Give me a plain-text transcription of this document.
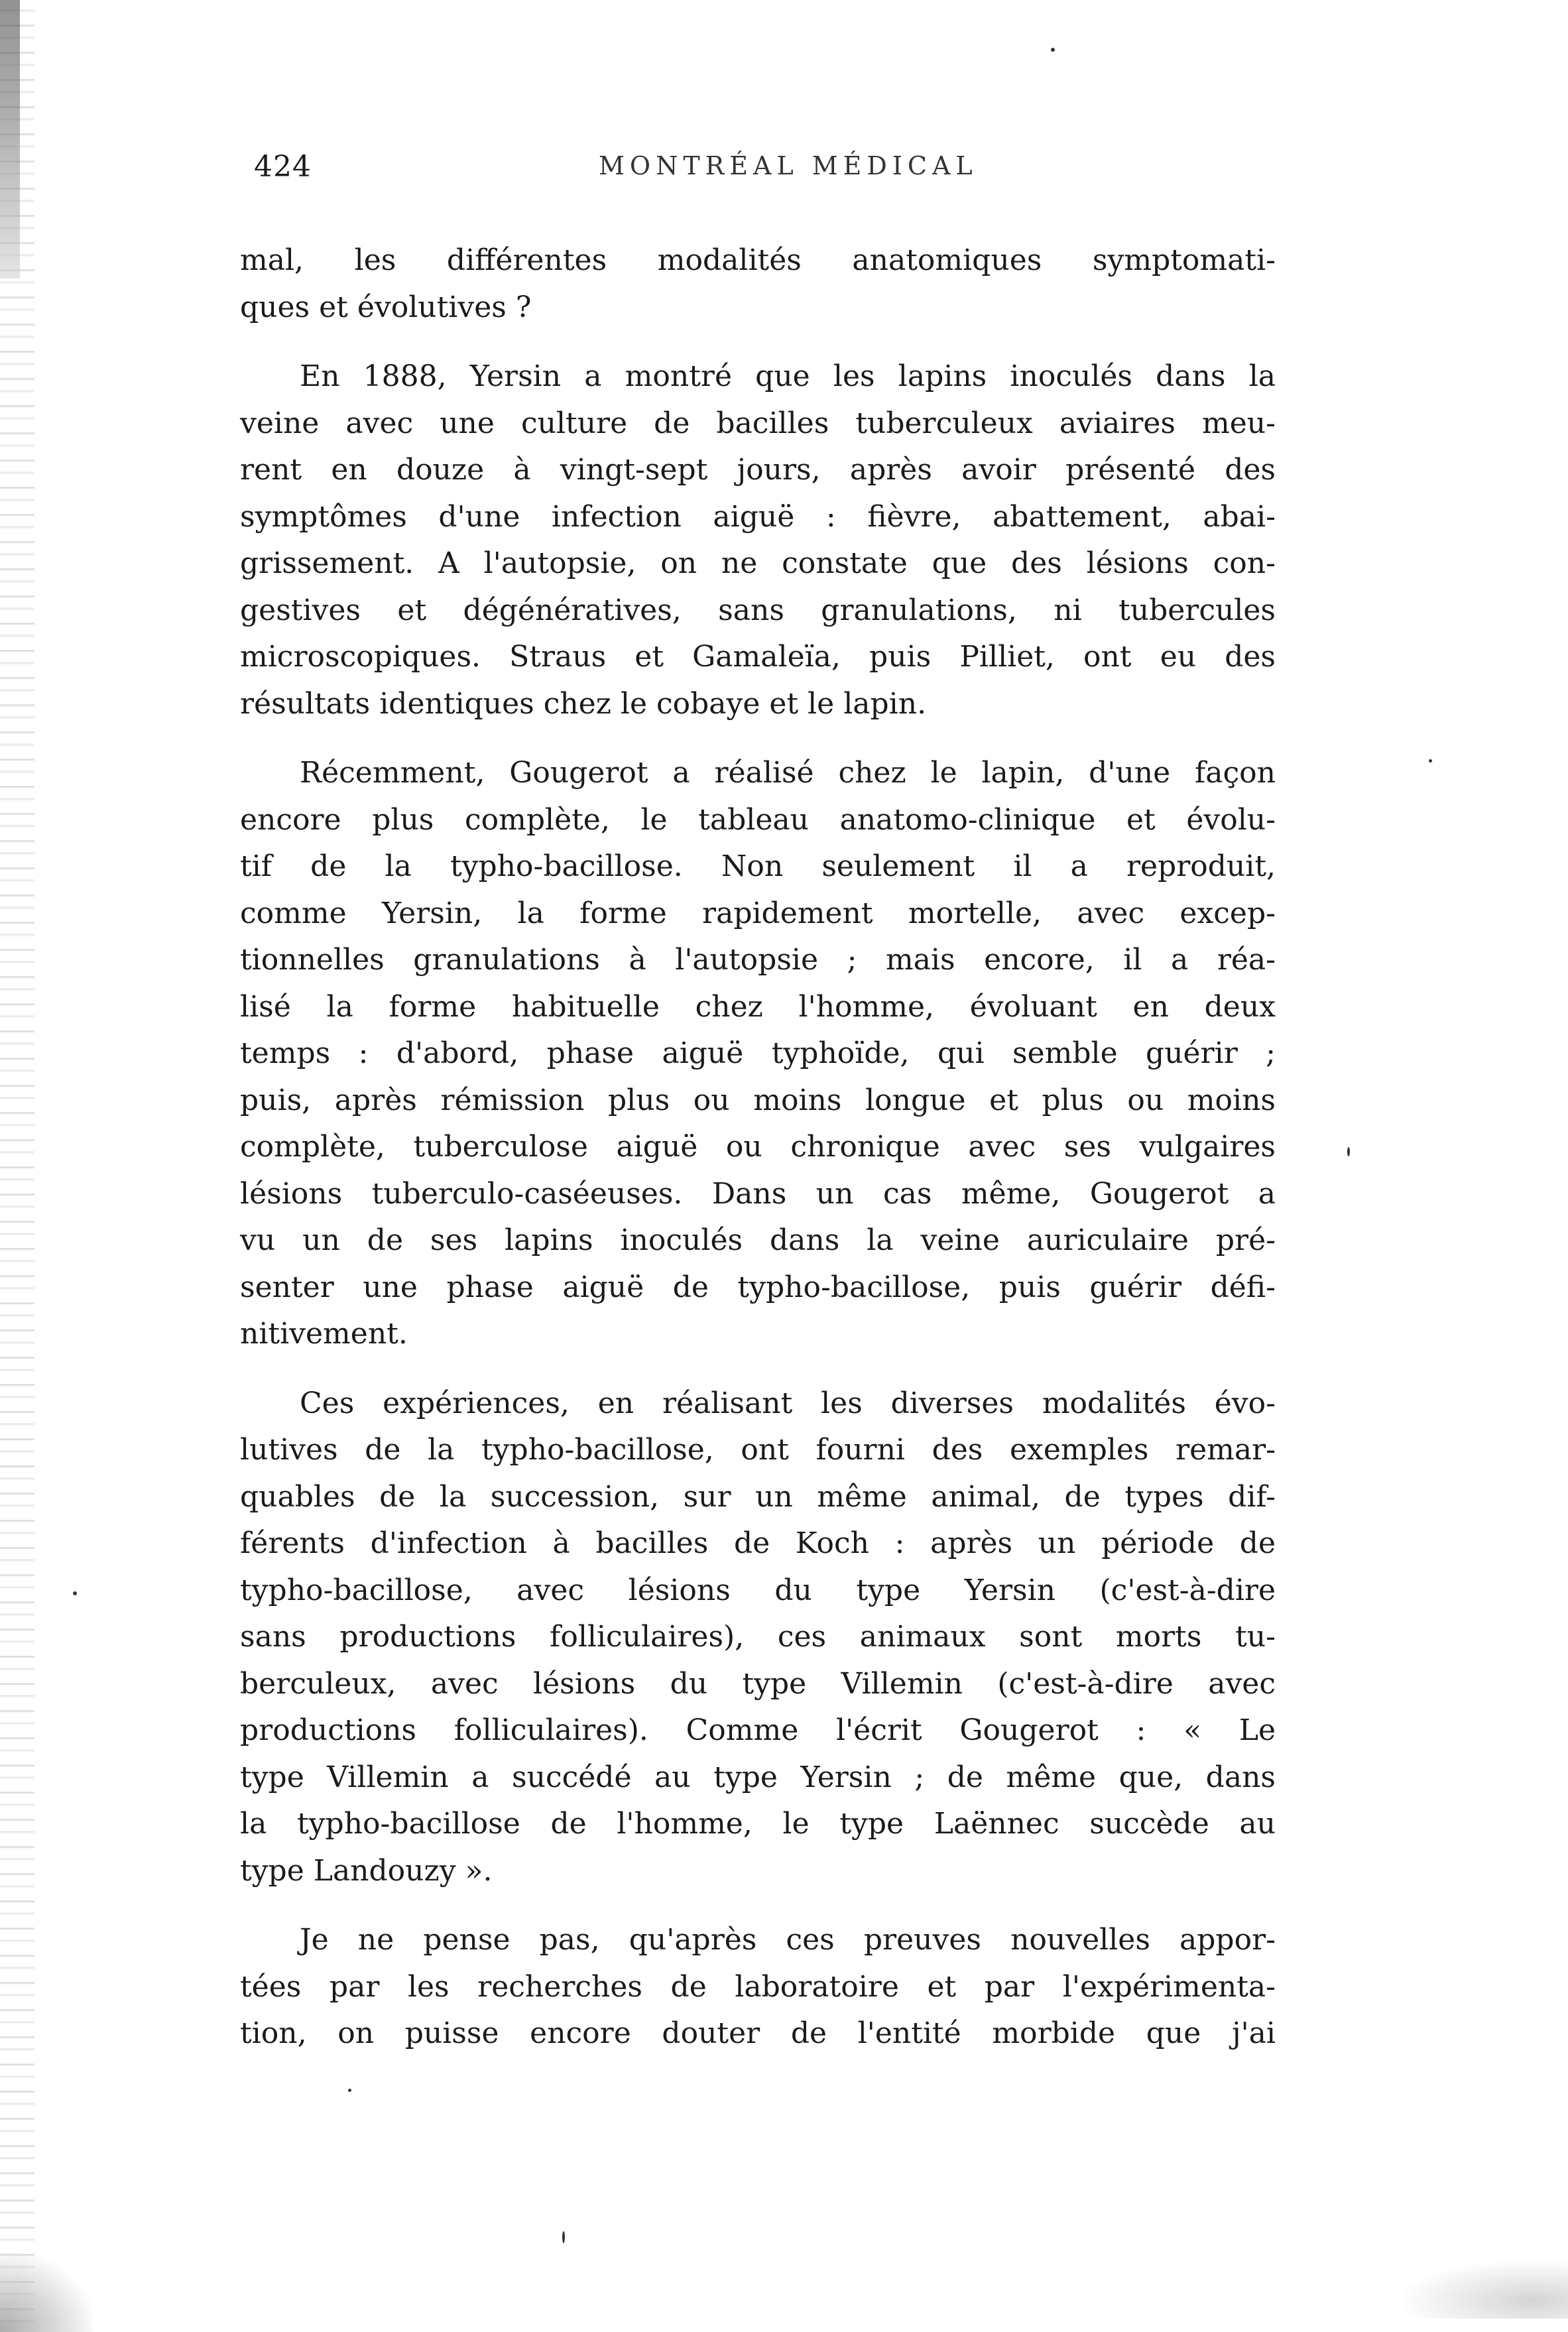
424	MONTRÉAL MÉDICAL

mal, les différentes modalités anatomiques symptomati-
ques et évolutives ?

En 1888, Yersin a montré que les lapins inoculés dans la
veine avec une culture de bacilles tuberculeux aviaires meu-
rent en douze à vingt-sept jours, après avoir présenté des
symptômes d'une infection aiguë : fièvre, abattement, abai-
grissement. A l'autopsie, on ne constate que des lésions con-
gestives et dégénératives, sans granulations, ni tubercules
microscopiques. Straus et Gamaleïa, puis Pilliet, ont eu des
résultats identiques chez le cobaye et le lapin.

Récemment, Gougerot a réalisé chez le lapin, d'une façon
encore plus complète, le tableau anatomo-clinique et évolu-
tif de la typho-bacillose. Non seulement il a reproduit,
comme Yersin, la forme rapidement mortelle, avec excep-
tionnelles granulations à l'autopsie ; mais encore, il a réa-
lisé la forme habituelle chez l'homme, évoluant en deux
temps : d'abord, phase aiguë typhoïde, qui semble guérir ;
puis, après rémission plus ou moins longue et plus ou moins
complète, tuberculose aiguë ou chronique avec ses vulgaires
lésions tuberculo-caséeuses. Dans un cas même, Gougerot a
vu un de ses lapins inoculés dans la veine auriculaire pré-
senter une phase aiguë de typho-bacillose, puis guérir défi-
nitivement.

Ces expériences, en réalisant les diverses modalités évo-
lutives de la typho-bacillose, ont fourni des exemples remar-
quables de la succession, sur un même animal, de types dif-
férents d'infection à bacilles de Koch : après un période de
typho-bacillose, avec lésions du type Yersin (c'est-à-dire
sans productions folliculaires), ces animaux sont morts tu-
berculeux, avec lésions du type Villemin (c'est-à-dire avec
productions folliculaires). Comme l'écrit Gougerot : « Le
type Villemin a succédé au type Yersin ; de même que, dans
la typho-bacillose de l'homme, le type Laënnec succède au
type Landouzy ».

Je ne pense pas, qu'après ces preuves nouvelles appor-
tées par les recherches de laboratoire et par l'expérimenta-
tion, on puisse encore douter de l'entité morbide que j'ai
